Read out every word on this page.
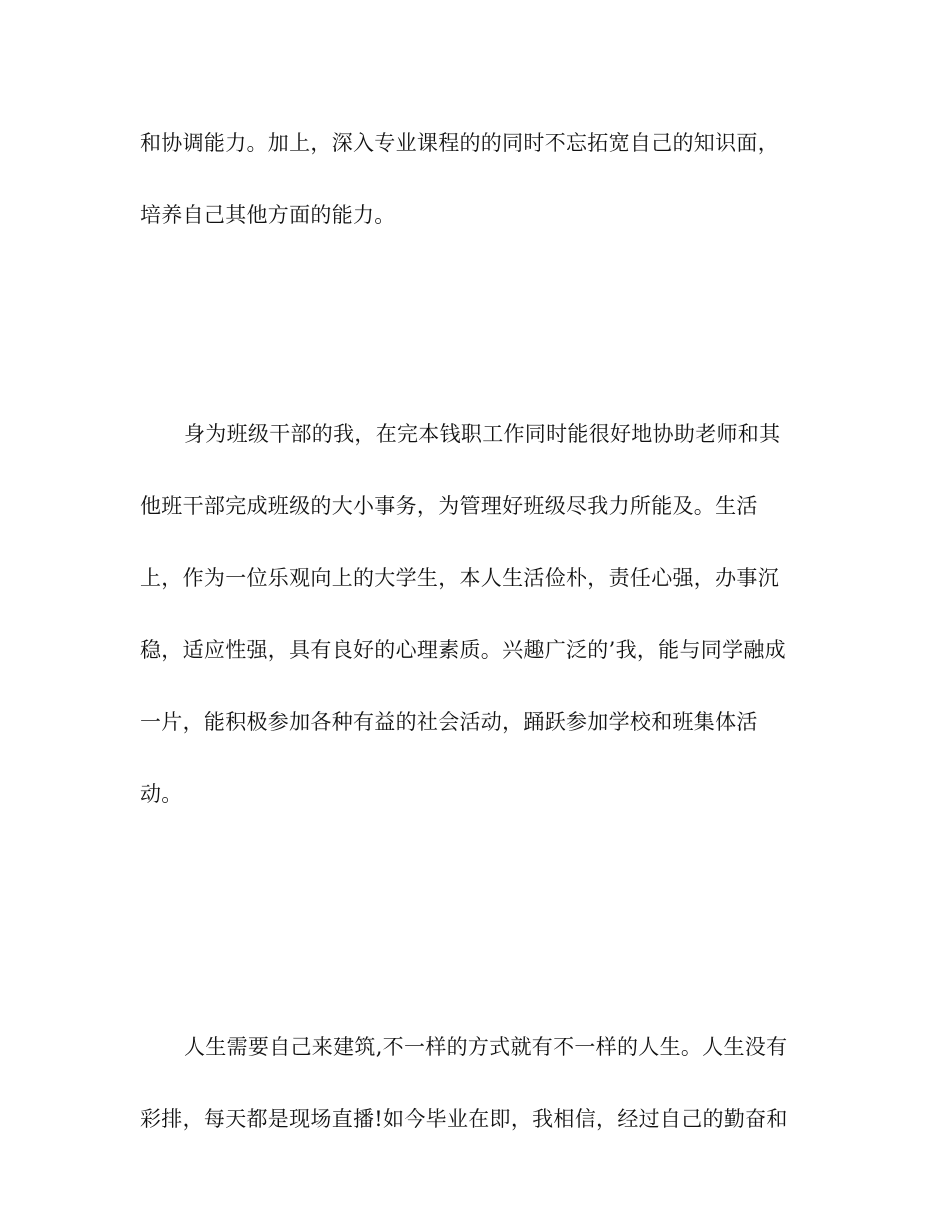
和协调能力。加上，深入专业课程的的同时不忘拓宽自己的知识面，
培养自己其他方面的能力。
身为班级干部的我，在完本钱职工作同时能很好地协助老师和其
他班干部完成班级的大小事务，为管理好班级尽我力所能及。生活
上，作为一位乐观向上的大学生，本人生活俭朴，责任心强，办事沉
稳，适应性强，具有良好的心理素质。兴趣广泛的’我，能与同学融成
一片，能积极参加各种有益的社会活动，踊跃参加学校和班集体活
动。
人生需要自己来建筑,不一样的方式就有不一样的人生。人生没有
彩排，每天都是现场直播!如今毕业在即，我相信，经过自己的勤奋和
